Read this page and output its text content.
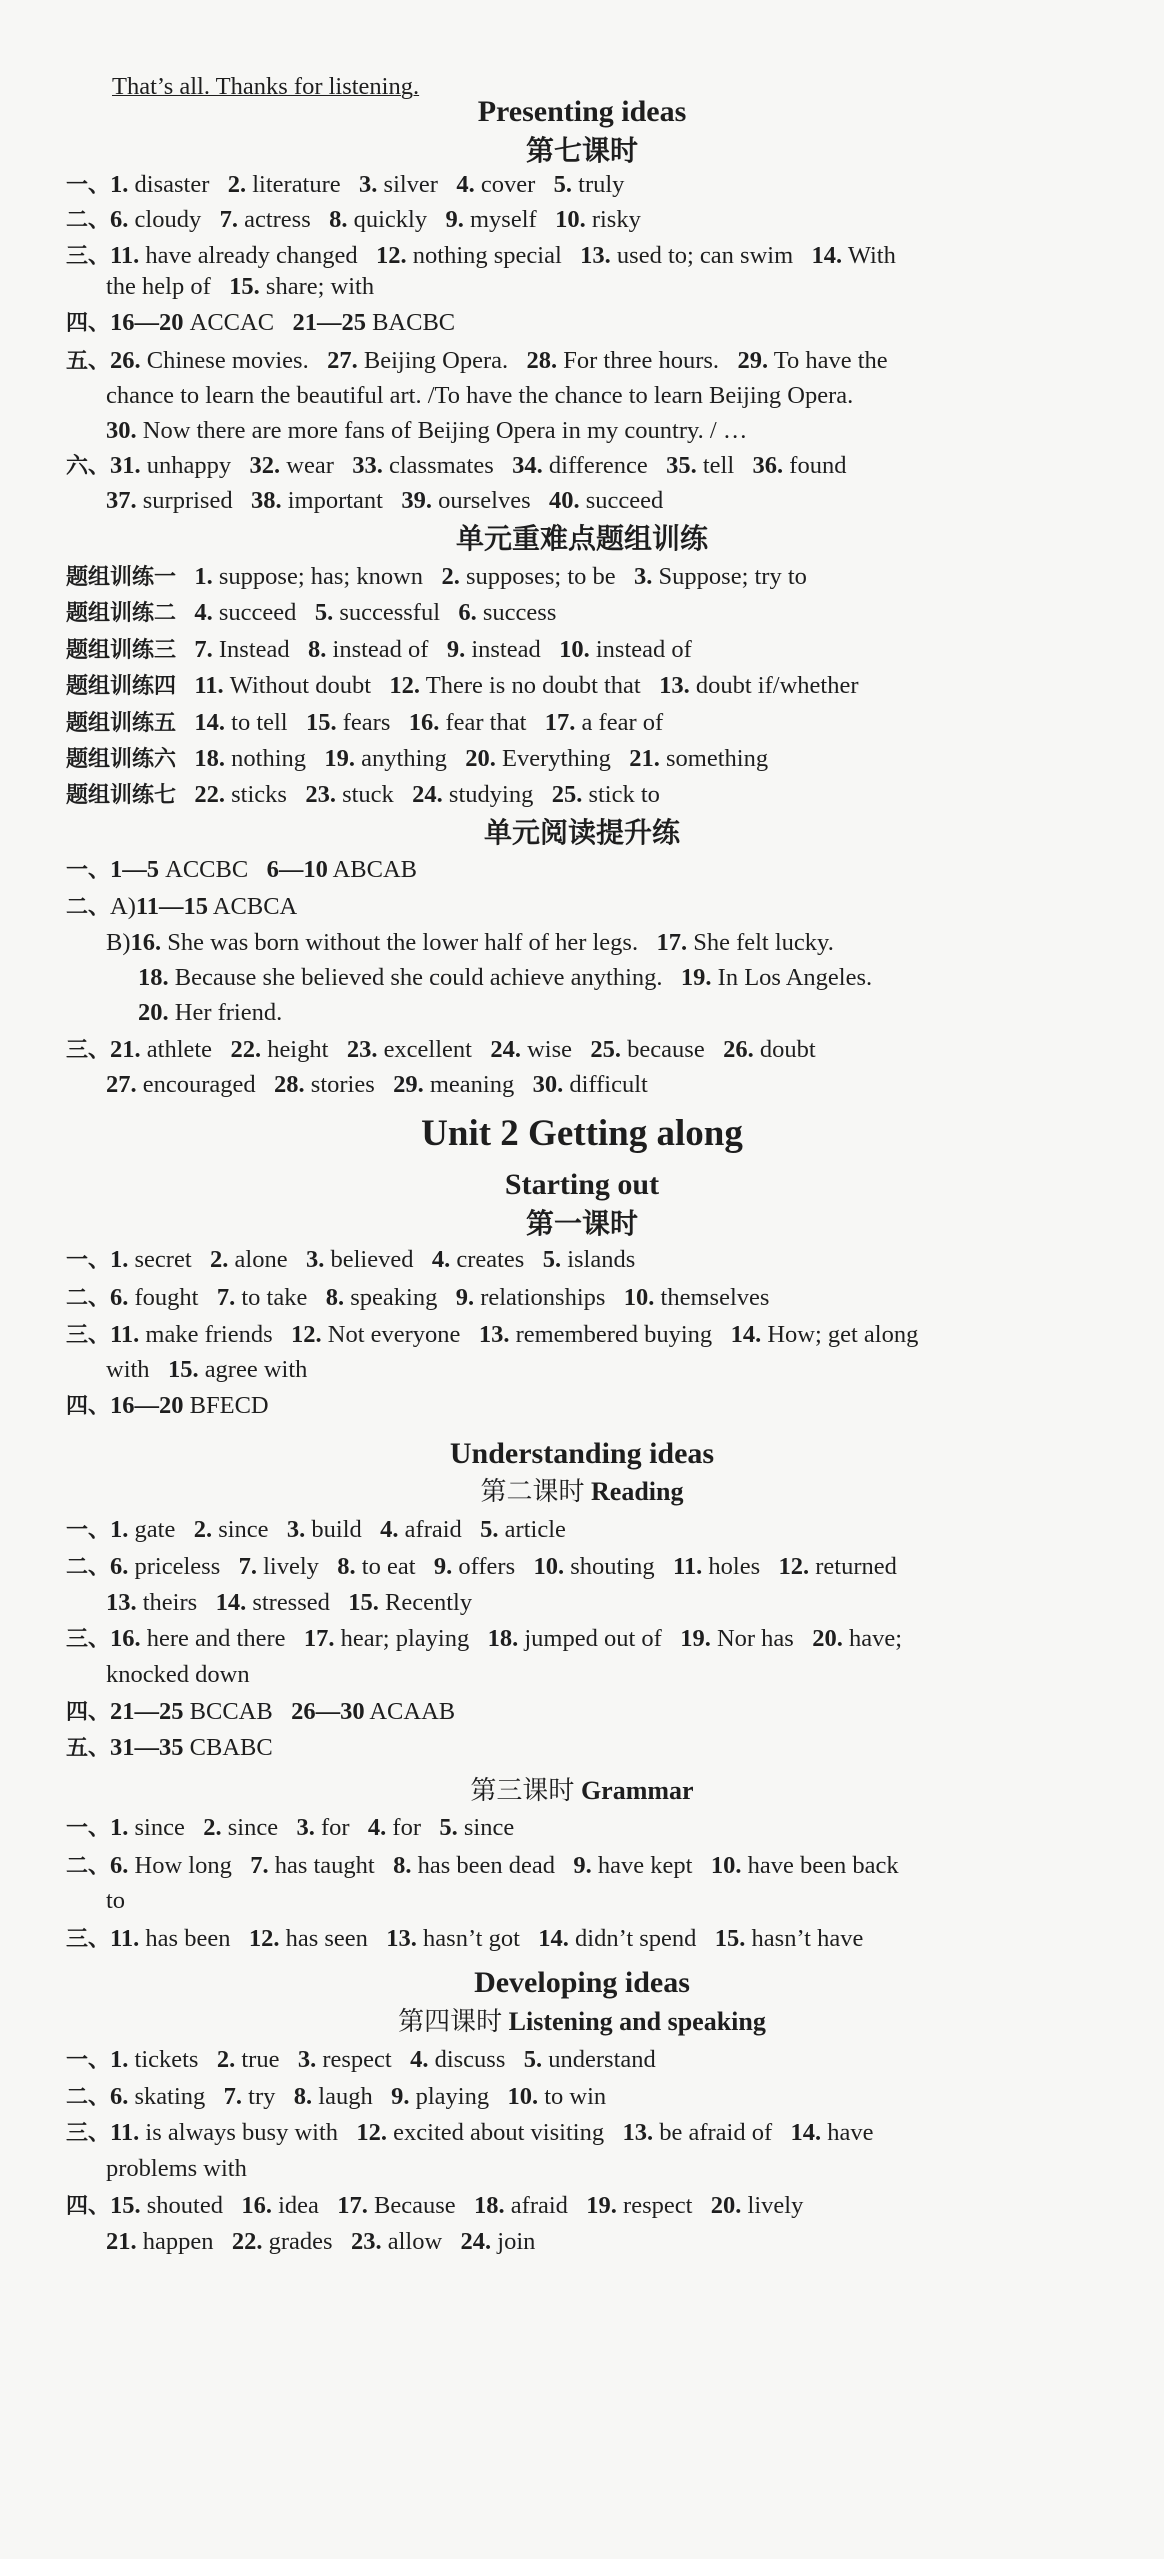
That’s all. Thanks for listening.
Presenting ideas
第七课时
一、1. disaster 2. literature 3. silver 4. cover 5. truly
二、6. cloudy 7. actress 8. quickly 9. myself 10. risky
三、11. have already changed 12. nothing special 13. used to; can swim 14. With
the help of 15. share; with
四、16—20 ACCAC 21—25 BACBC
五、26. Chinese movies. 27. Beijing Opera. 28. For three hours. 29. To have the
chance to learn the beautiful art. /To have the chance to learn Beijing Opera.
30. Now there are more fans of Beijing Opera in my country. / …
六、31. unhappy 32. wear 33. classmates 34. difference 35. tell 36. found
37. surprised 38. important 39. ourselves 40. succeed
单元重难点题组训练
题组训练一 1. suppose; has; known 2. supposes; to be 3. Suppose; try to
题组训练二 4. succeed 5. successful 6. success
题组训练三 7. Instead 8. instead of 9. instead 10. instead of
题组训练四 11. Without doubt 12. There is no doubt that 13. doubt if/whether
题组训练五 14. to tell 15. fears 16. fear that 17. a fear of
题组训练六 18. nothing 19. anything 20. Everything 21. something
题组训练七 22. sticks 23. stuck 24. studying 25. stick to
单元阅读提升练
一、1—5 ACCBC 6—10 ABCAB
二、A)11—15 ACBCA
B)16. She was born without the lower half of her legs. 17. She felt lucky.
18. Because she believed she could achieve anything. 19. In Los Angeles.
20. Her friend.
三、21. athlete 22. height 23. excellent 24. wise 25. because 26. doubt
27. encouraged 28. stories 29. meaning 30. difficult
Unit 2 Getting along
Starting out
第一课时
一、1. secret 2. alone 3. believed 4. creates 5. islands
二、6. fought 7. to take 8. speaking 9. relationships 10. themselves
三、11. make friends 12. Not everyone 13. remembered buying 14. How; get along
with 15. agree with
四、16—20 BFECD
Understanding ideas
第二课时 Reading
一、1. gate 2. since 3. build 4. afraid 5. article
二、6. priceless 7. lively 8. to eat 9. offers 10. shouting 11. holes 12. returned
13. theirs 14. stressed 15. Recently
三、16. here and there 17. hear; playing 18. jumped out of 19. Nor has 20. have;
knocked down
四、21—25 BCCAB 26—30 ACAAB
五、31—35 CBABC
第三课时 Grammar
一、1. since 2. since 3. for 4. for 5. since
二、6. How long 7. has taught 8. has been dead 9. have kept 10. have been back
to
三、11. has been 12. has seen 13. hasn’t got 14. didn’t spend 15. hasn’t have
Developing ideas
第四课时 Listening and speaking
一、1. tickets 2. true 3. respect 4. discuss 5. understand
二、6. skating 7. try 8. laugh 9. playing 10. to win
三、11. is always busy with 12. excited about visiting 13. be afraid of 14. have
problems with
四、15. shouted 16. idea 17. Because 18. afraid 19. respect 20. lively
21. happen 22. grades 23. allow 24. join
